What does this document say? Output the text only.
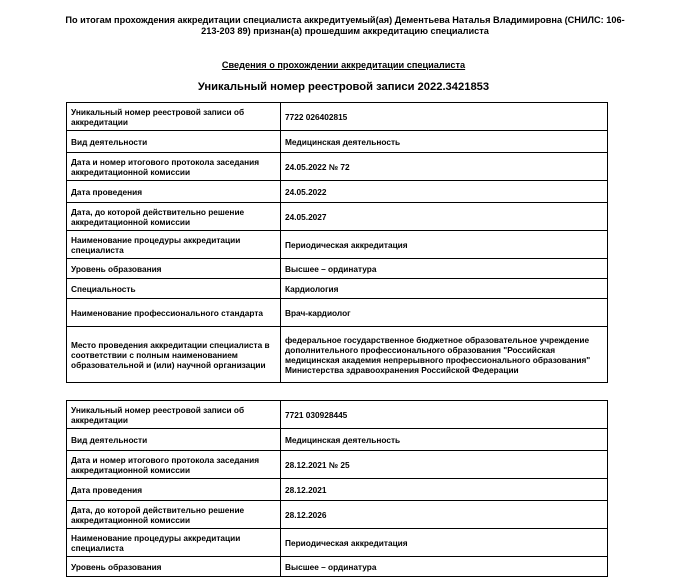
По итогам прохождения аккредитации специалиста аккредитуемый(ая) Дементьева Наталья Владимировна (СНИЛС: 106-213-203 89) признан(а) прошедшим аккредитацию специалиста
Сведения о прохождении аккредитации специалиста
Уникальный номер реестровой записи 2022.3421853
Уникальный номер реестровой записи об аккредитации	7722 026402815
Вид деятельности	Медицинская деятельность
Дата и номер итогового протокола заседания аккредитационной комиссии	24.05.2022 № 72
Дата проведения	24.05.2022
Дата, до которой действительно решение аккредитационной комиссии	24.05.2027
Наименование процедуры аккредитации специалиста	Периодическая аккредитация
Уровень образования	Высшее – ординатура
Специальность	Кардиология
Наименование профессионального стандарта	Врач-кардиолог
Место проведения аккредитации специалиста в соответствии с полным наименованием образовательной и (или) научной организации	федеральное государственное бюджетное образовательное учреждение дополнительного профессионального образования "Российская медицинская академия непрерывного профессионального образования" Министерства здравоохранения Российской Федерации
Уникальный номер реестровой записи об аккредитации	7721 030928445
Вид деятельности	Медицинская деятельность
Дата и номер итогового протокола заседания аккредитационной комиссии	28.12.2021 № 25
Дата проведения	28.12.2021
Дата, до которой действительно решение аккредитационной комиссии	28.12.2026
Наименование процедуры аккредитации специалиста	Периодическая аккредитация
Уровень образования	Высшее – ординатура
